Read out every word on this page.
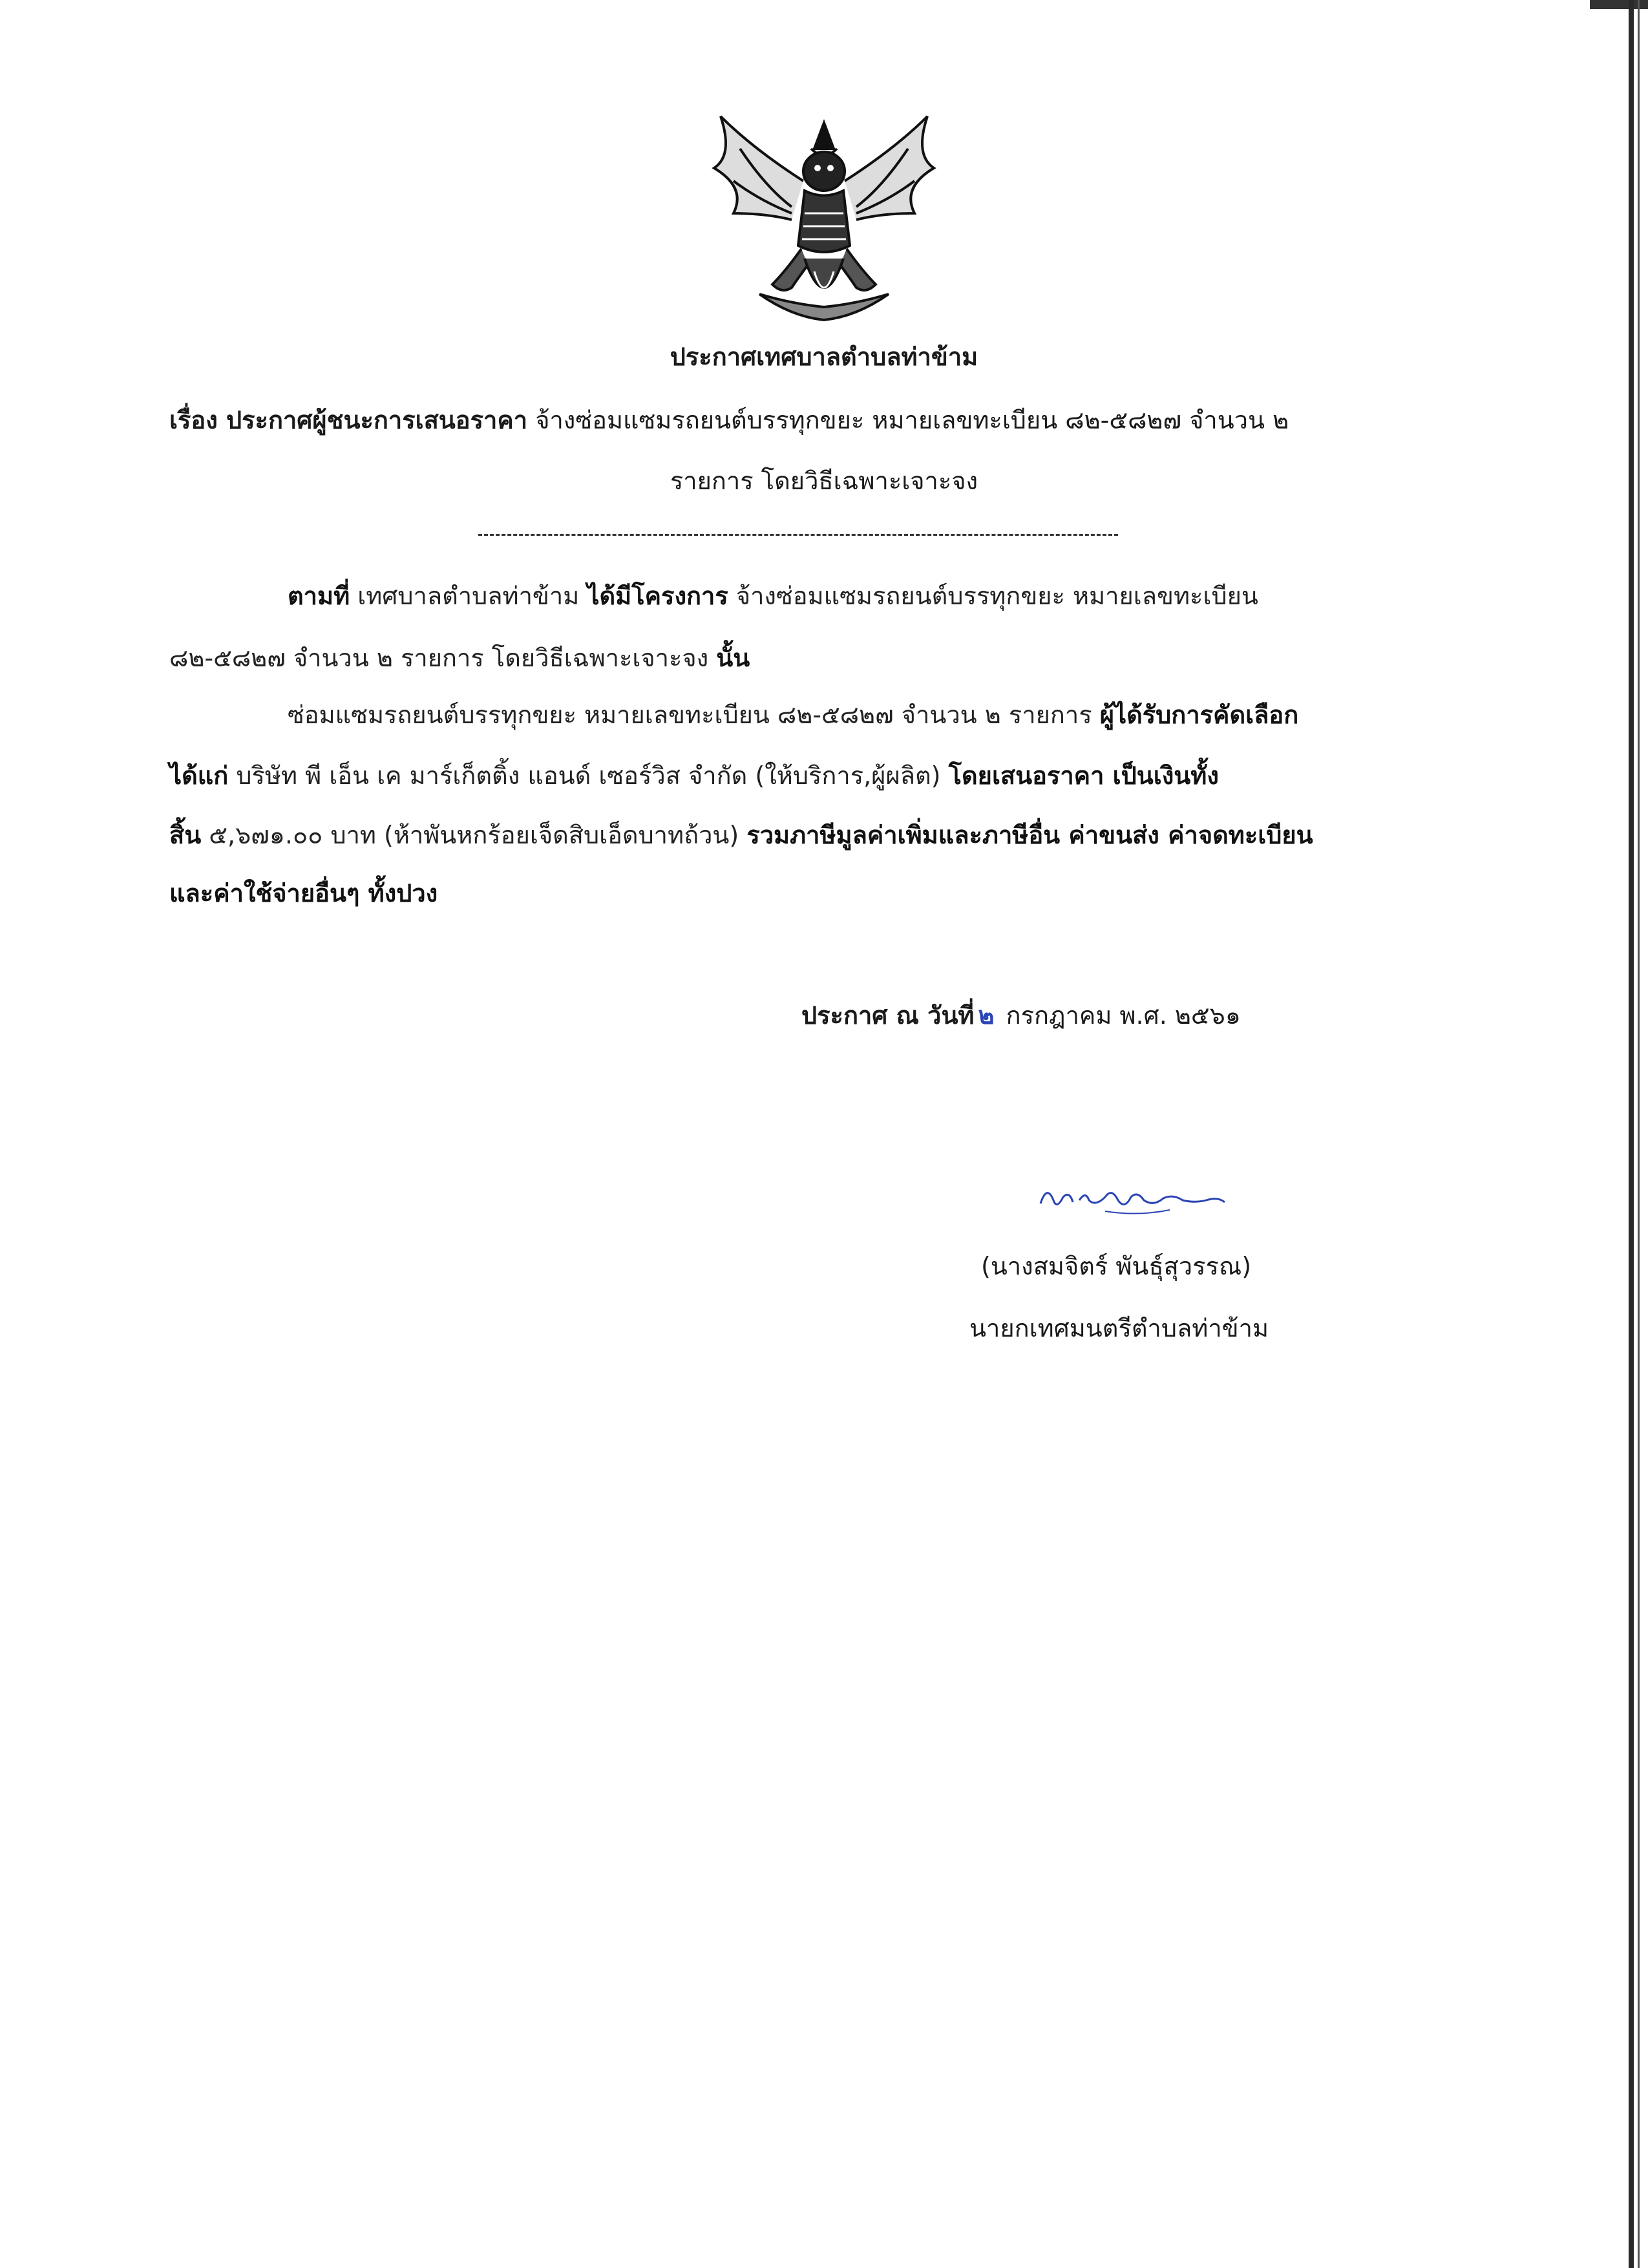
ประกาศเทศบาลตำบลท่าข้าม
เรื่อง ประกาศผู้ชนะการเสนอราคา จ้างซ่อมแซมรถยนต์บรรทุกขยะ หมายเลขทะเบียน ๘๒-๕๘๒๗ จำนวน ๒
รายการ โดยวิธีเฉพาะเจาะจง
ตามที่ เทศบาลตำบลท่าข้าม ได้มีโครงการ จ้างซ่อมแซมรถยนต์บรรทุกขยะ หมายเลขทะเบียน
๘๒-๕๘๒๗ จำนวน ๒ รายการ โดยวิธีเฉพาะเจาะจง นั้น
ซ่อมแซมรถยนต์บรรทุกขยะ หมายเลขทะเบียน ๘๒-๕๘๒๗ จำนวน ๒ รายการ ผู้ได้รับการคัดเลือก
ได้แก่ บริษัท พี เอ็น เค มาร์เก็ตติ้ง แอนด์ เซอร์วิส จำกัด (ให้บริการ,ผู้ผลิต) โดยเสนอราคา เป็นเงินทั้ง
สิ้น ๕,๖๗๑.๐๐ บาท (ห้าพันหกร้อยเจ็ดสิบเอ็ดบาทถ้วน) รวมภาษีมูลค่าเพิ่มและภาษีอื่น ค่าขนส่ง ค่าจดทะเบียน
และค่าใช้จ่ายอื่นๆ ทั้งปวง
ประกาศ ณ วันที่ ๒ กรกฎาคม พ.ศ. ๒๕๖๑
(นางสมจิตร์ พันธุ์สุวรรณ)
นายกเทศมนตรีตำบลท่าข้าม
